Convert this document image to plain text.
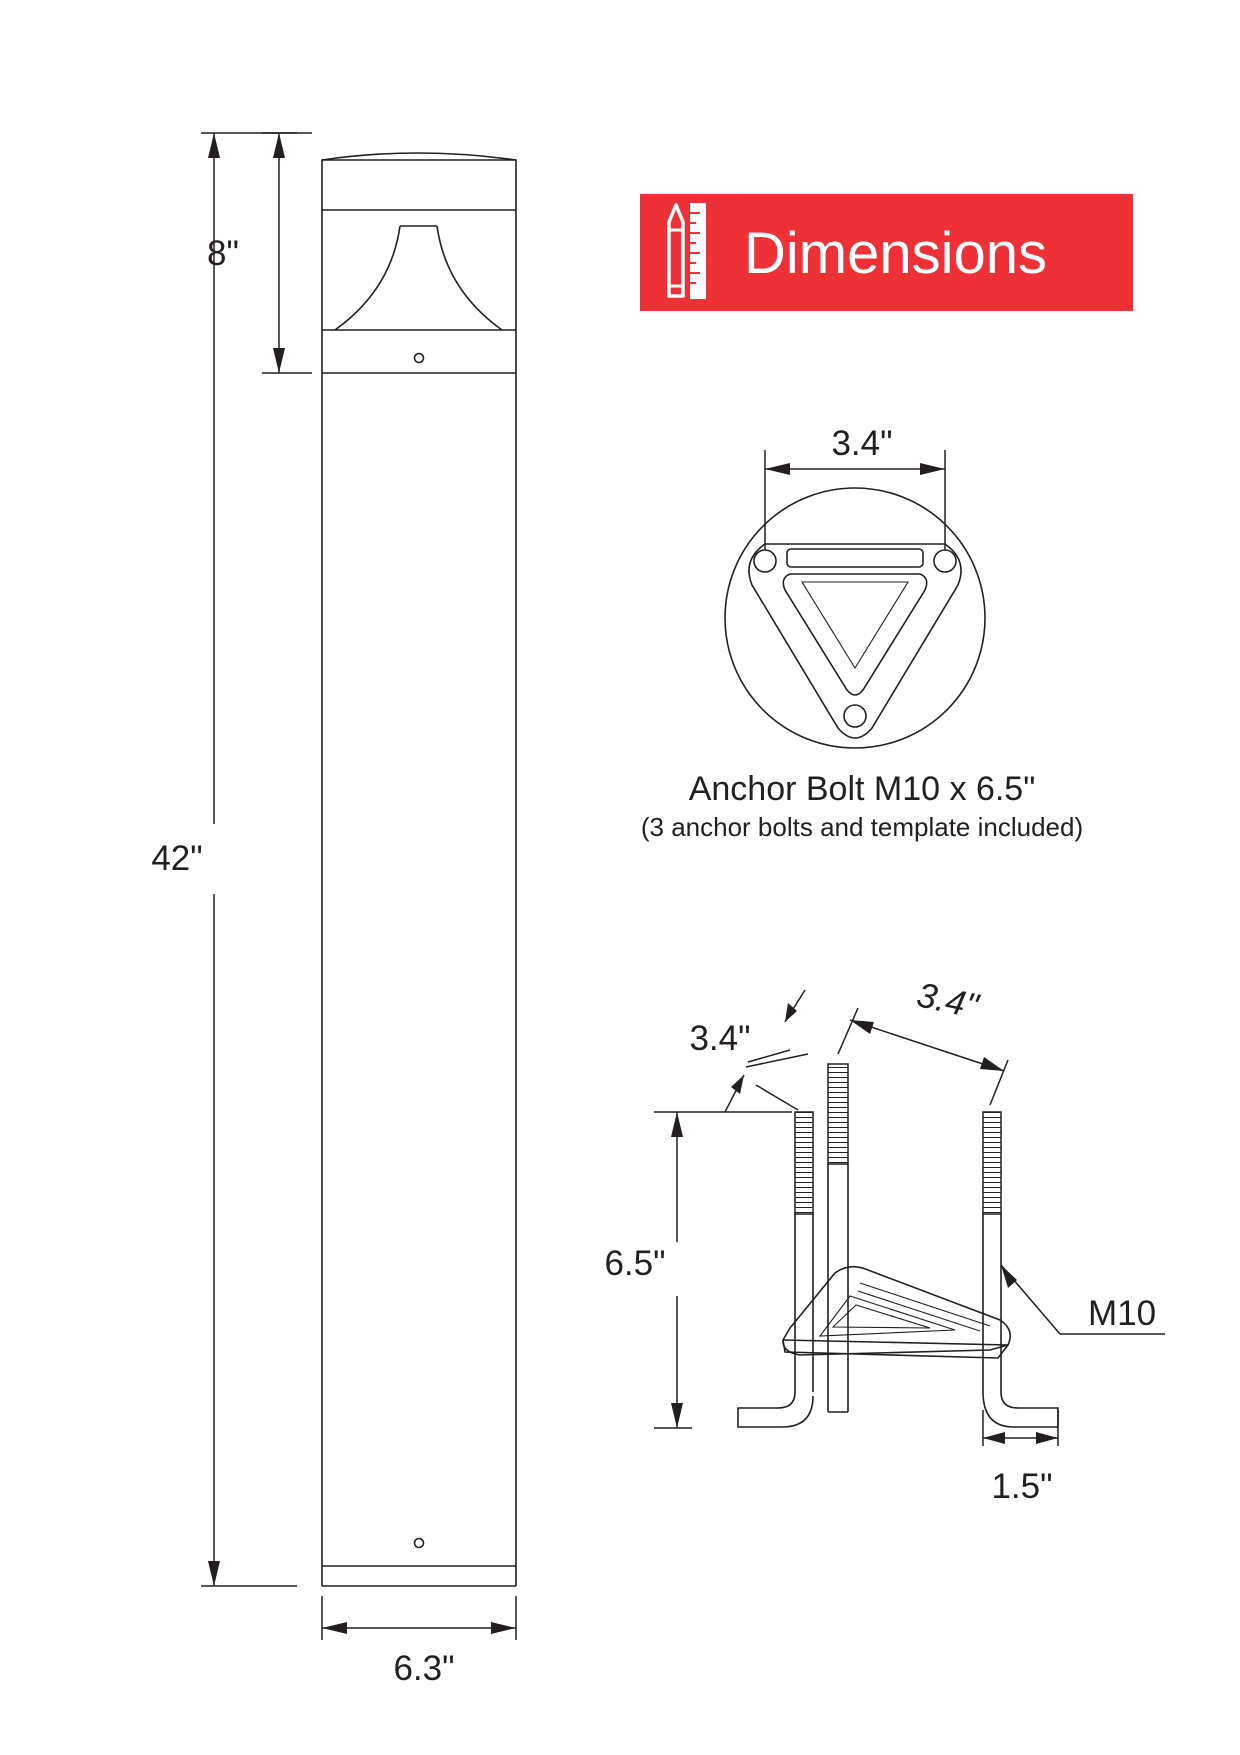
42"
8"
6.3"
Dimensions
3.4"
Anchor Bolt M10 x 6.5"
(3 anchor bolts and template included)
6.5"
3.4"
3.4"
M10
1.5"
